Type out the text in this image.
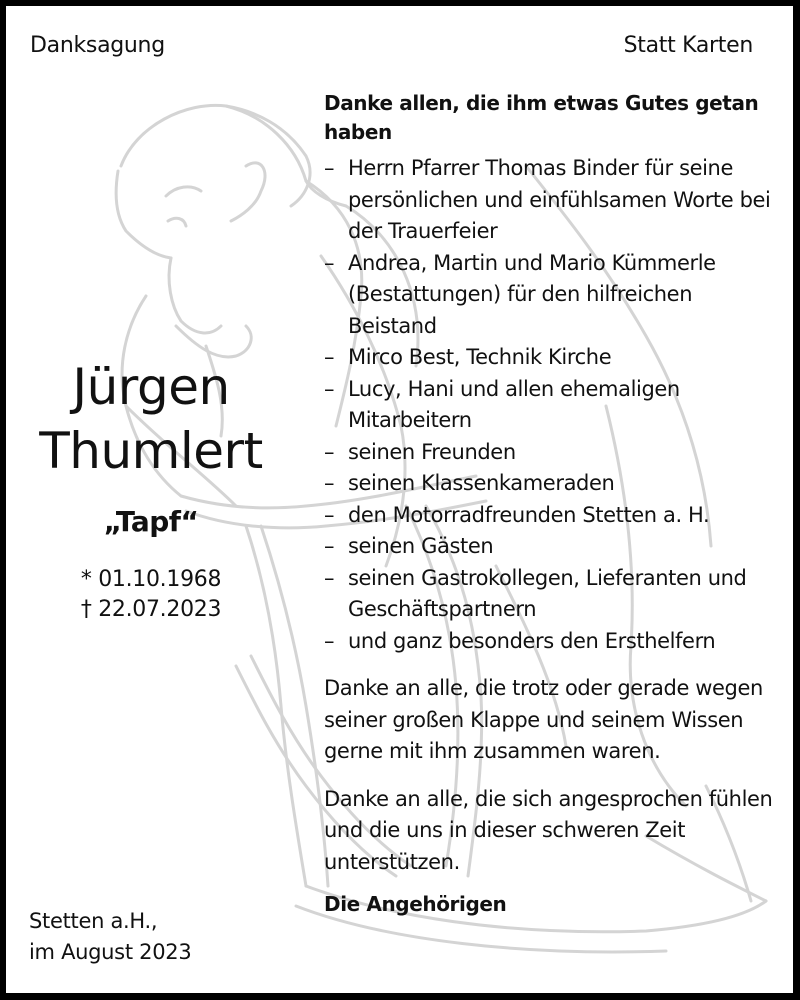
Danksagung	Statt Karten
Jürgen
Thumlert
„Tapf“
* 01.10.1968
† 22.07.2023
Stetten a.H.,
im August 2023
Danke allen, die ihm etwas Gutes getan haben
– Herrn Pfarrer Thomas Binder für seine persönlichen und einfühlsamen Worte bei der Trauerfeier
– Andrea, Martin und Mario Kümmerle (Bestattungen) für den hilfreichen Beistand
– Mirco Best, Technik Kirche
– Lucy, Hani und allen ehemaligen Mitarbeitern
– seinen Freunden
– seinen Klassenkameraden
– den Motorradfreunden Stetten a. H.
– seinen Gästen
– seinen Gastrokollegen, Lieferanten und Geschäftspartnern
– und ganz besonders den Ersthelfern
Danke an alle, die trotz oder gerade wegen seiner großen Klappe und seinem Wissen gerne mit ihm zusammen waren.
Danke an alle, die sich angesprochen fühlen und die uns in dieser schweren Zeit unterstützen.
Die Angehörigen
